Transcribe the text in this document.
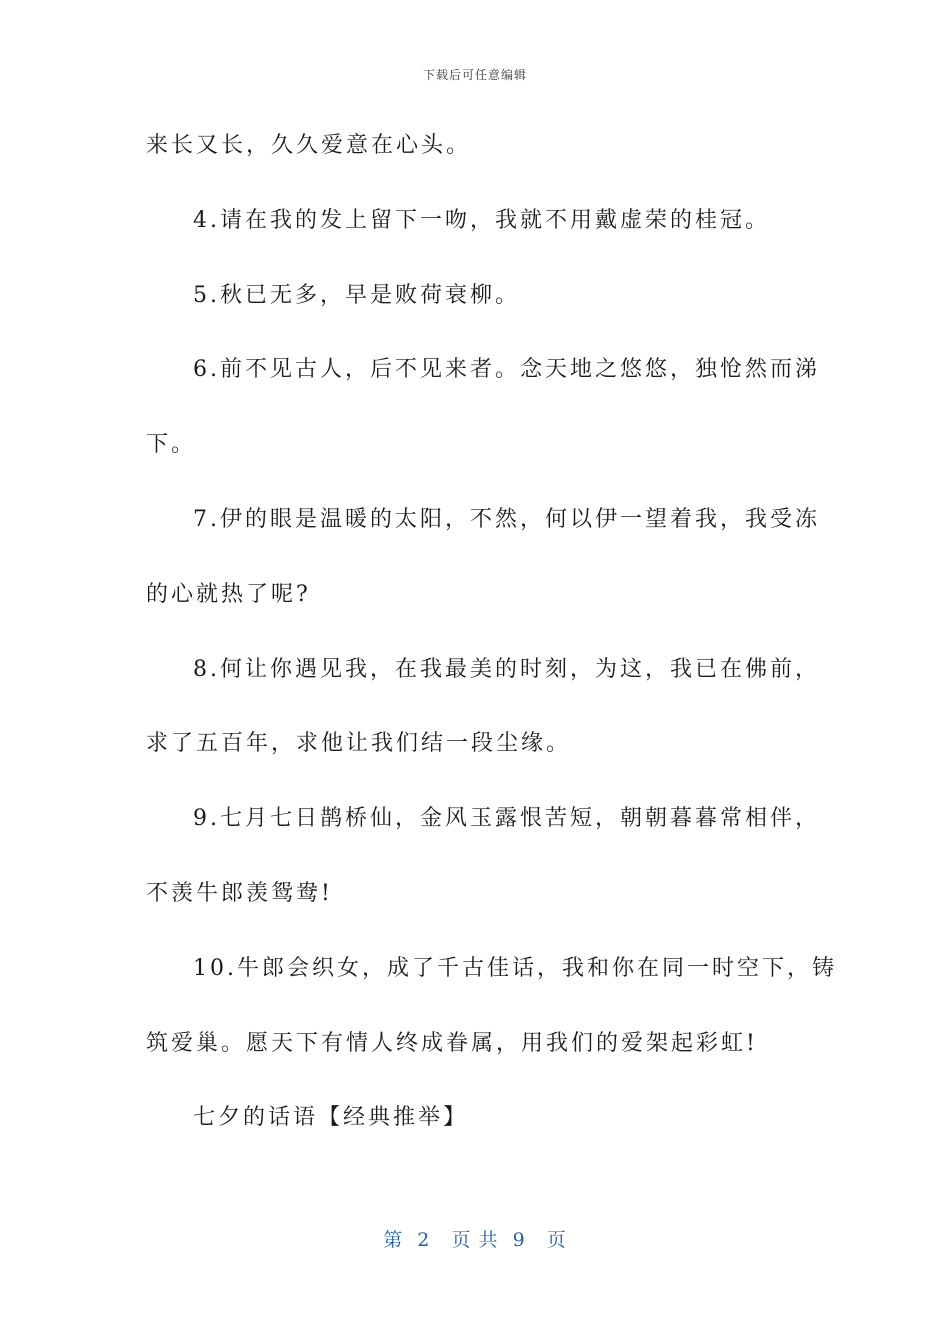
下载后可任意编辑
来长又长，久久爱意在心头。
4.请在我的发上留下一吻，我就不用戴虚荣的桂冠。
5.秋已无多，早是败荷衰柳。
6.前不见古人，后不见来者。念天地之悠悠，独怆然而涕
下。
7.伊的眼是温暖的太阳，不然，何以伊一望着我，我受冻
的心就热了呢?
8.何让你遇见我，在我最美的时刻，为这，我已在佛前，
求了五百年，求他让我们结一段尘缘。
9.七月七日鹊桥仙，金风玉露恨苦短，朝朝暮暮常相伴，
不羡牛郎羡鸳鸯!
10.牛郎会织女，成了千古佳话，我和你在同一时空下，铸
筑爱巢。愿天下有情人终成眷属，用我们的爱架起彩虹!
七夕的话语【经典推举】
第  2   页 共  9   页
